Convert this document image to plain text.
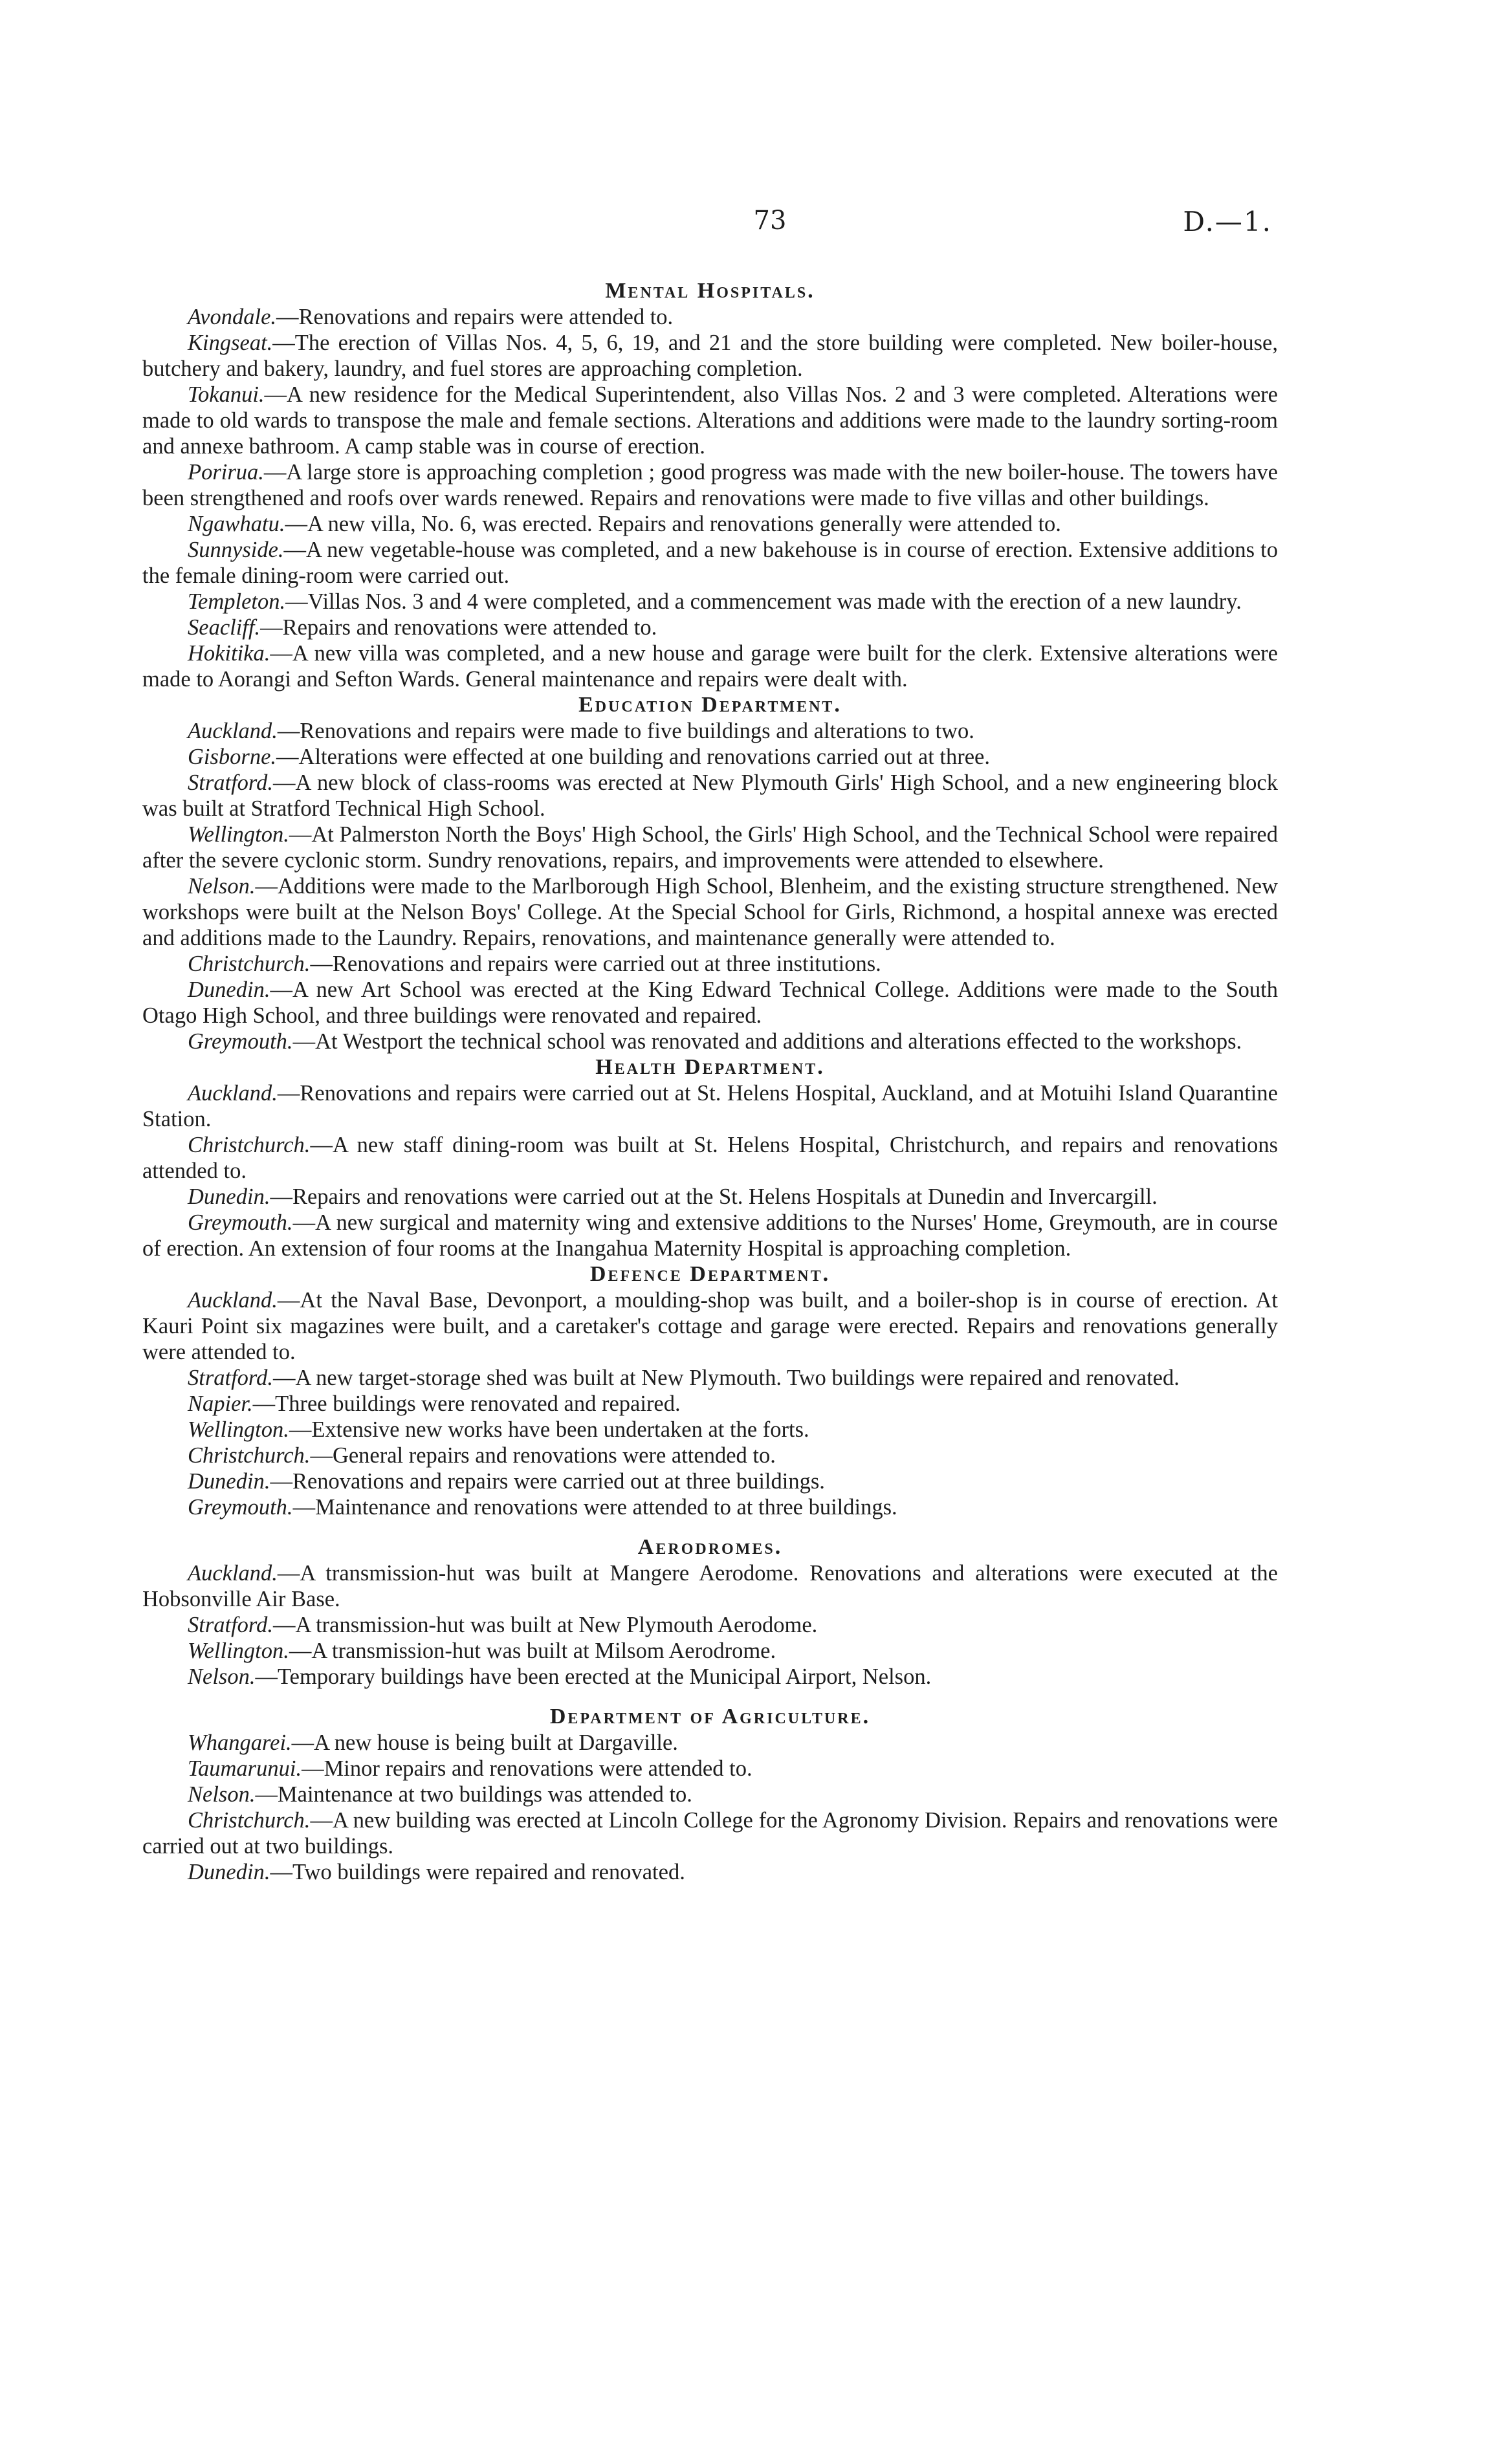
73	D.—1.
Mental Hospitals.

Avondale.—Renovations and repairs were attended to.

Kingseat.—The erection of Villas Nos. 4, 5, 6, 19, and 21 and the store building were completed. New boiler-house, butchery and bakery, laundry, and fuel stores are approaching completion.

Tokanui.—A new residence for the Medical Superintendent, also Villas Nos. 2 and 3 were completed. Alterations were made to old wards to transpose the male and female sections. Alterations and additions were made to the laundry sorting-room and annexe bathroom. A camp stable was in course of erection.

Porirua.—A large store is approaching completion ; good progress was made with the new boiler-house. The towers have been strengthened and roofs over wards renewed. Repairs and renovations were made to five villas and other buildings.

Ngawhatu.—A new villa, No. 6, was erected. Repairs and renovations generally were attended to.

Sunnyside.—A new vegetable-house was completed, and a new bakehouse is in course of erection. Extensive additions to the female dining-room were carried out.

Templeton.—Villas Nos. 3 and 4 were completed, and a commencement was made with the erection of a new laundry.

Seacliff.—Repairs and renovations were attended to.

Hokitika.—A new villa was completed, and a new house and garage were built for the clerk. Extensive alterations were made to Aorangi and Sefton Wards. General maintenance and repairs were dealt with.

Education Department.

Auckland.—Renovations and repairs were made to five buildings and alterations to two.

Gisborne.—Alterations were effected at one building and renovations carried out at three.

Stratford.—A new block of class-rooms was erected at New Plymouth Girls' High School, and a new engineering block was built at Stratford Technical High School.

Wellington.—At Palmerston North the Boys' High School, the Girls' High School, and the Technical School were repaired after the severe cyclonic storm. Sundry renovations, repairs, and improvements were attended to elsewhere.

Nelson.—Additions were made to the Marlborough High School, Blenheim, and the existing structure strengthened. New workshops were built at the Nelson Boys' College. At the Special School for Girls, Richmond, a hospital annexe was erected and additions made to the Laundry. Repairs, renovations, and maintenance generally were attended to.

Christchurch.—Renovations and repairs were carried out at three institutions.

Dunedin.—A new Art School was erected at the King Edward Technical College. Additions were made to the South Otago High School, and three buildings were renovated and repaired.

Greymouth.—At Westport the technical school was renovated and additions and alterations effected to the workshops.

Health Department.

Auckland.—Renovations and repairs were carried out at St. Helens Hospital, Auckland, and at Motuihi Island Quarantine Station.

Christchurch.—A new staff dining-room was built at St. Helens Hospital, Christchurch, and repairs and renovations attended to.

Dunedin.—Repairs and renovations were carried out at the St. Helens Hospitals at Dunedin and Invercargill.

Greymouth.—A new surgical and maternity wing and extensive additions to the Nurses' Home, Greymouth, are in course of erection. An extension of four rooms at the Inangahua Maternity Hospital is approaching completion.

Defence Department.

Auckland.—At the Naval Base, Devonport, a moulding-shop was built, and a boiler-shop is in course of erection. At Kauri Point six magazines were built, and a caretaker's cottage and garage were erected. Repairs and renovations generally were attended to.

Stratford.—A new target-storage shed was built at New Plymouth. Two buildings were repaired and renovated.

Napier.—Three buildings were renovated and repaired.

Wellington.—Extensive new works have been undertaken at the forts.

Christchurch.—General repairs and renovations were attended to.

Dunedin.—Renovations and repairs were carried out at three buildings.

Greymouth.—Maintenance and renovations were attended to at three buildings.

Aerodromes.

Auckland.—A transmission-hut was built at Mangere Aerodome. Renovations and alterations were executed at the Hobsonville Air Base.

Stratford.—A transmission-hut was built at New Plymouth Aerodome.

Wellington.—A transmission-hut was built at Milsom Aerodrome.

Nelson.—Temporary buildings have been erected at the Municipal Airport, Nelson.

Department of Agriculture.

Whangarei.—A new house is being built at Dargaville.

Taumarunui.—Minor repairs and renovations were attended to.

Nelson.—Maintenance at two buildings was attended to.

Christchurch.—A new building was erected at Lincoln College for the Agronomy Division. Repairs and renovations were carried out at two buildings.

Dunedin.—Two buildings were repaired and renovated.
